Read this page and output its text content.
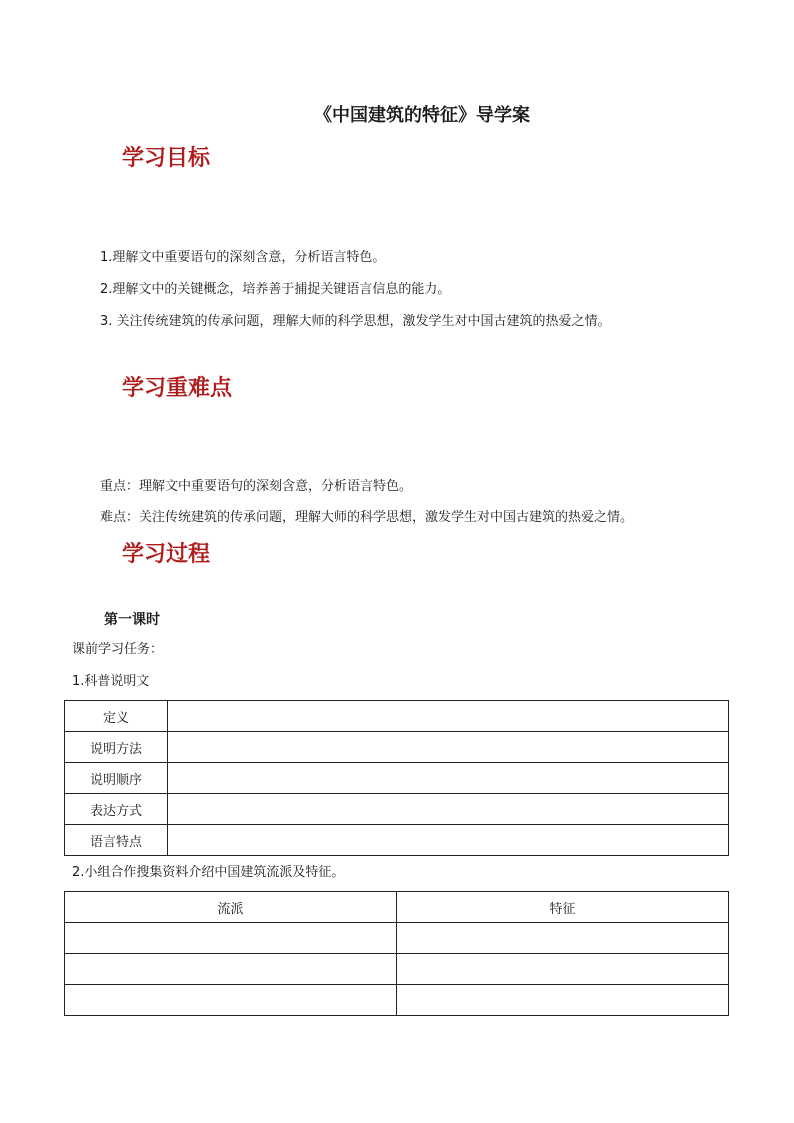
《中国建筑的特征》导学案
学习目标
1.理解文中重要语句的深刻含意，分析语言特色。
2.理解文中的关键概念，培养善于捕捉关键语言信息的能力。
3. 关注传统建筑的传承问题，理解大师的科学思想，激发学生对中国古建筑的热爱之情。
学习重难点
重点：理解文中重要语句的深刻含意，分析语言特色。
难点：关注传统建筑的传承问题，理解大师的科学思想，激发学生对中国古建筑的热爱之情。
学习过程
第一课时
课前学习任务：
1.科普说明文
定义	
说明方法	
说明顺序	
表达方式	
语言特点	
2.小组合作搜集资料介绍中国建筑流派及特征。
流派	特征
